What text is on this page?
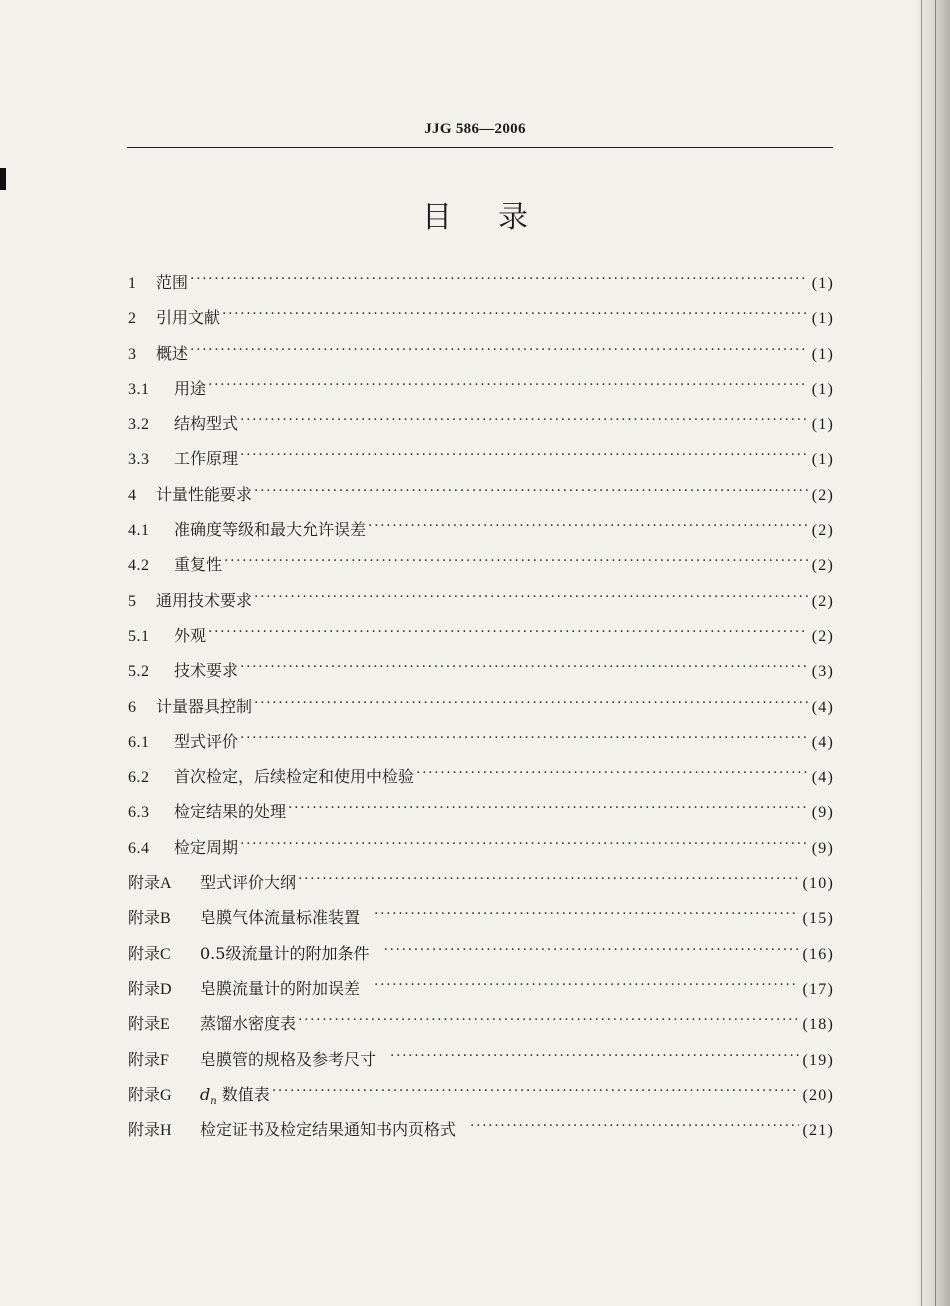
JJG 586—2006
目录
1	范围 ·····	(1)
2	引用文献 ·····	(1)
3	概述 ·····	(1)
3.1	用途 ·····	(1)
3.2	结构型式 ·····	(1)
3.3	工作原理 ·····	(1)
4	计量性能要求 ·····	(2)
4.1	准确度等级和最大允许误差 ·····	(2)
4.2	重复性 ·····	(2)
5	通用技术要求 ·····	(2)
5.1	外观 ·····	(2)
5.2	技术要求 ·····	(3)
6	计量器具控制 ·····	(4)
6.1	型式评价 ·····	(4)
6.2	首次检定，后续检定和使用中检验 ·····	(4)
6.3	检定结果的处理 ·····	(9)
6.4	检定周期 ·····	(9)
附录A	型式评价大纲 ·····	(10)
附录B	皂膜气体流量标准装置 ·····	(15)
附录C	0.5级流量计的附加条件 ·····	(16)
附录D	皂膜流量计的附加误差 ·····	(17)
附录E	蒸馏水密度表 ·····	(18)
附录F	皂膜管的规格及参考尺寸 ·····	(19)
附录G	$d_n$ 数值表 ·····	(20)
附录H	检定证书及检定结果通知书内页格式 ·····	(21)
